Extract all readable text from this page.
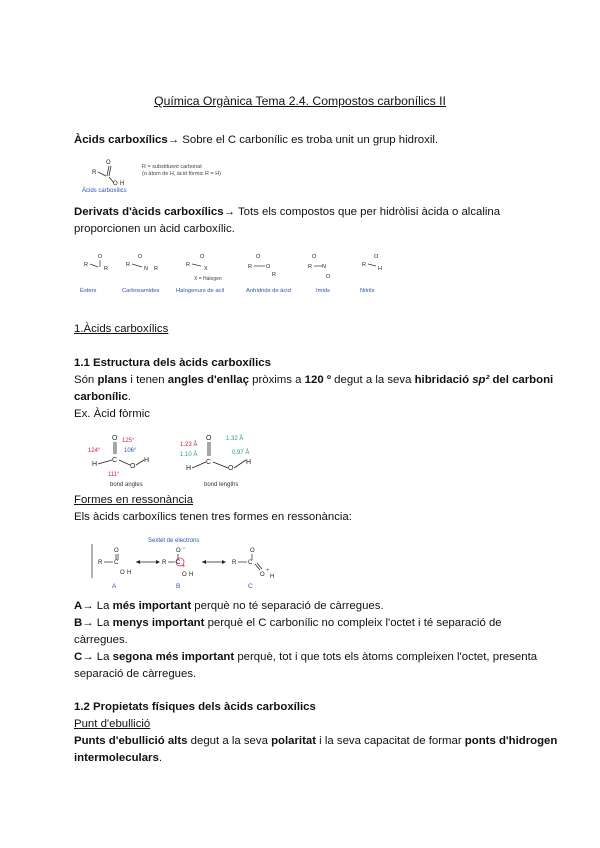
Química Orgànica Tema 2.4. Compostos carbonílics II
Àcids carboxílics→ Sobre el C carbonílic es troba unit un grup hidroxil.
O
R
O H
R = substituent carbonat
(o àtom de H, àcid fòrmic R = H)
Àcids carboxílics
Derivats d'àcids carboxílics→ Tots els compostos que per hidròlisi àcida o alcalina
proporcionen un àcid carboxílic.
R
O
R
R
O
N R
R
O
X
X = Halogen
O
R	O
R
O
R N
O
R
O
H
Èsters	Carboxamides	Halogenurs de acil	Anhídrids de àcid	Imids	Nitrils
1.Àcids carboxílics
1.1 Estructura dels àcids carboxílics
Són plans i tenen angles d'enllaç pròxims a 120 º degut a la seva hibridació sp² del carboni
carbonílic.
Ex. Àcid fòrmic
O
C
H	O
H
125°
124°	106°
111°
bond angles
O
C
H	O
H
1.23 Å
1.32 Å
1.10 Å	0.97 Å
bond lengths
Formes en ressonància
Els àcids carboxílics tenen tres formes en ressonància:
Sextet de electrons
O
R C
O H
A
O −
R C
+
O H
B
O
R C
O
+
H
C
A→ La més important perquè no té separació de càrregues.
B→ La menys important perquè el C carbonílic no compleix l'octet i té separació de
càrregues.
C→ La segona més important perquè, tot i que tots els àtoms compleixen l'octet, presenta
separació de càrregues.
1.2 Propietats físiques dels àcids carboxílics
Punt d'ebullició
Punts d'ebullició alts degut a la seva polaritat i la seva capacitat de formar ponts d'hidrogen
intermoleculars.
